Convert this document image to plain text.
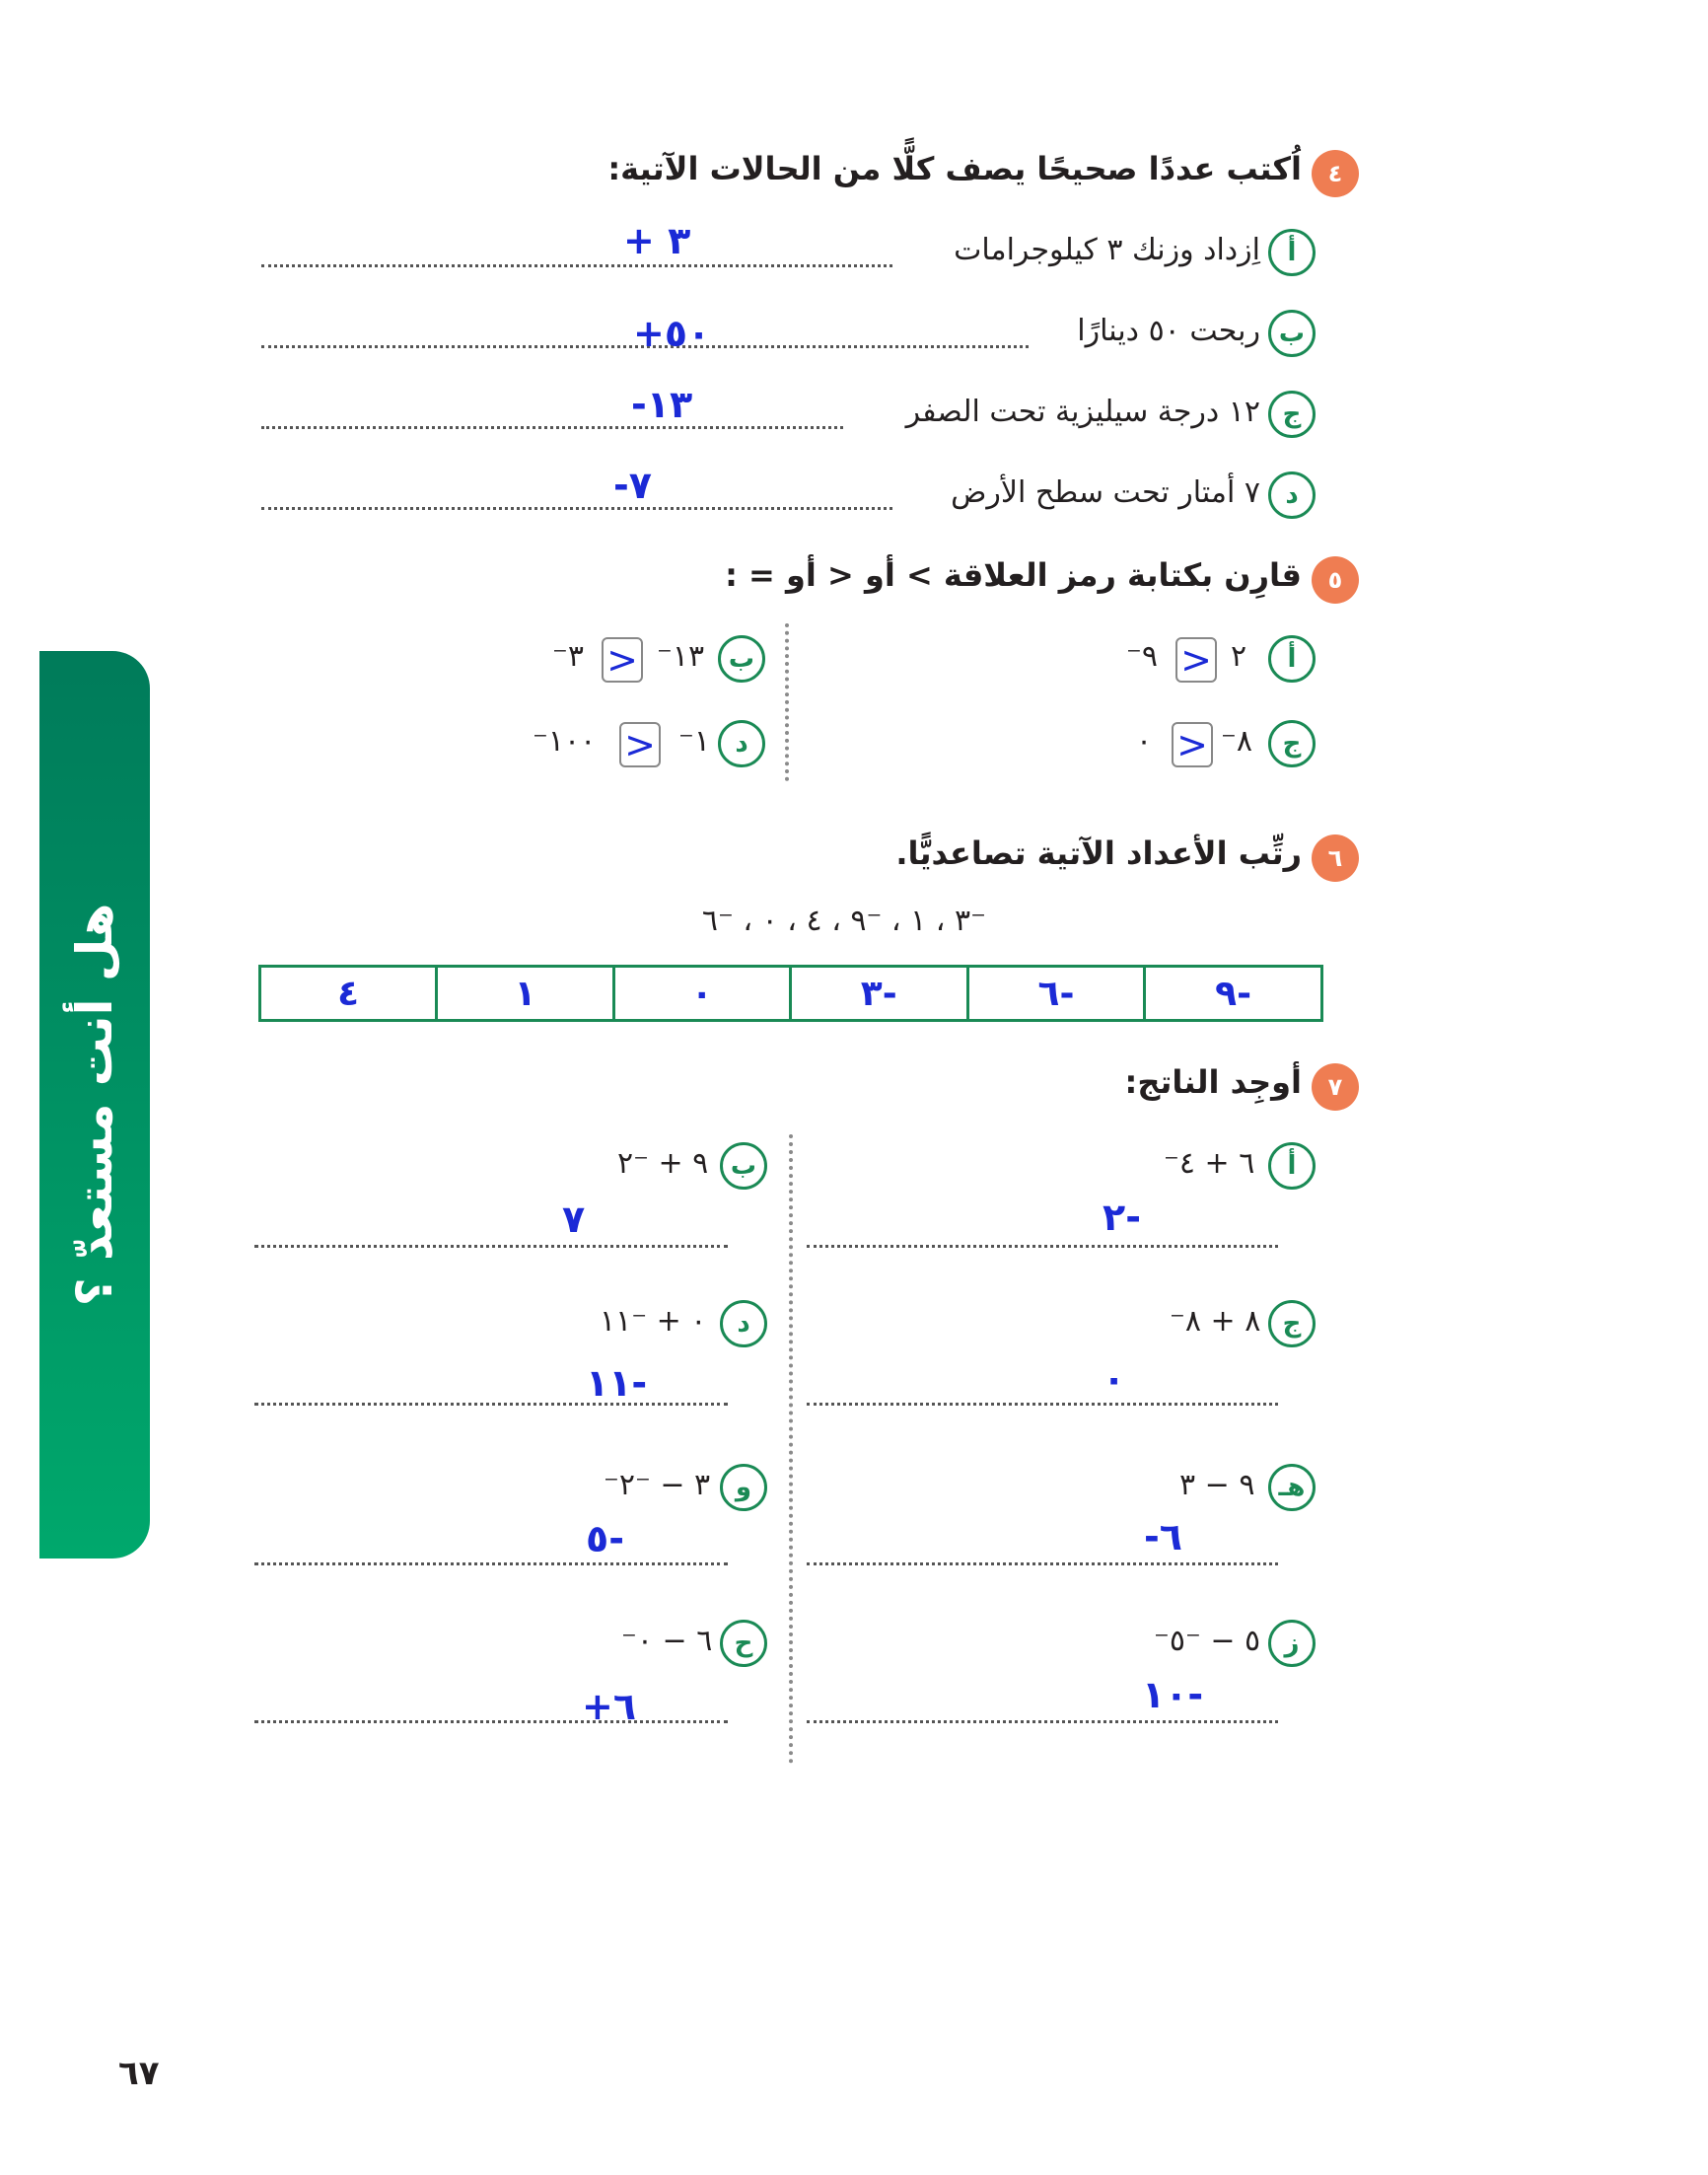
هل أنت مستعدّ ؟
٤
اُكتب عددًا صحيحًا يصف كلًّا من الحالات الآتية:
أ
اِزداد وزنك ٣ كيلوجرامات
+ ٣
ب
ربحت ٥٠ دينارًا
+٥٠
ج
١٢ درجة سيليزية تحت الصفر
-١٣
د
٧ أمتار تحت سطح الأرض
-٧
٥
قارِن بكتابة رمز العلاقة > أو < أو = :
أ
٢
>
⁻٩
ب
⁻١٣
>
⁻٣
ج
⁻٨
>
٠
د
⁻١
>
⁻١٠٠
٦
رتِّب الأعداد الآتية تصاعديًّا.
⁻٣ ، ١ ، ⁻٩ ، ٤ ، ٠ ، ⁻٦
٤	١	٠	٣-	٦-	٩-
٧
أوجِد الناتج:
أ
⁻٦ + ٤
٢-
ب
٩ + ⁻٢
٧
ج
⁻٨ + ٨
٠
د
٠ + ⁻١١
١١-
هـ
٩ − ٣
-٦
و
⁻٣ − ⁻٢
٥-
ز
⁻٥ − ⁻٥
١٠-
ح
⁻٦ − ٠
+٦
٦٧
